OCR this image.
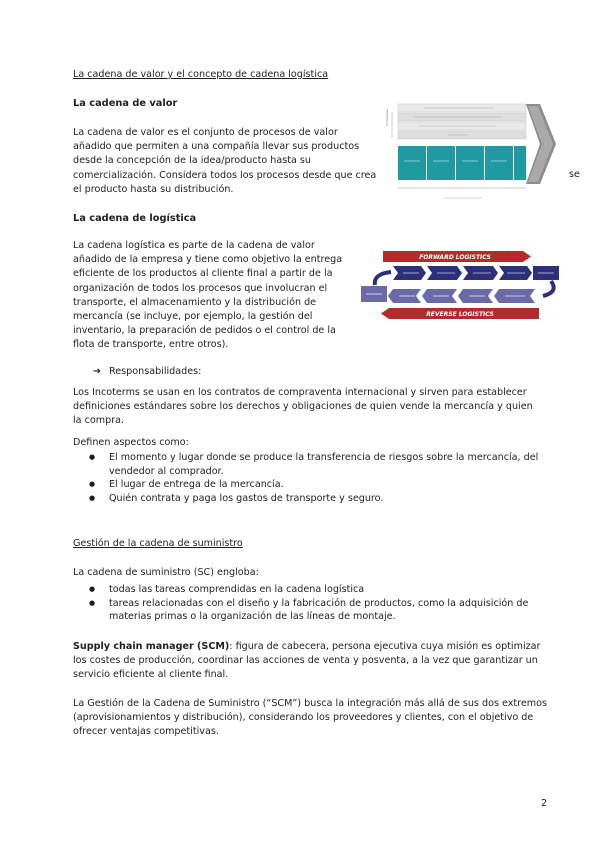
La cadena de valor y el concepto de cadena logística
La cadena de valor
La cadena de valor es el conjunto de procesos de valor añadido que permiten a una compañía llevar sus productos desde la concepción de la idea/producto hasta su comercialización. Considera todos los procesos desde que crea el producto hasta su distribución.
se
Actividades
La cadena de logística
La cadena logística es parte de la cadena de valor añadido de la empresa y tiene como objetivo la entrega eficiente de los productos al cliente final a partir de la organización de todos los procesos que involucran el transporte, el almacenamiento y la distribución de mercancía (se incluye, por ejemplo, la gestión del inventario, la preparación de pedidos o el control de la flota de transporte, entre otros).
FORWARD LOGISTICS
REVERSE LOGISTICS
➔ Responsabilidades:
Los Incoterms se usan en los contratos de compraventa internacional y sirven para establecer definiciones estándares sobre los derechos y obligaciones de quien vende la mercancía y quien la compra.
Definen aspectos como:
● El momento y lugar donde se produce la transferencia de riesgos sobre la mercancía, del vendedor al comprador.
● El lugar de entrega de la mercancía.
● Quién contrata y paga los gastos de transporte y seguro.
Gestión de la cadena de suministro
La cadena de suministro (SC) engloba:
● todas las tareas comprendidas en la cadena logística
● tareas relacionadas con el diseño y la fabricación de productos, como la adquisición de materias primas o la organización de las líneas de montaje.
Supply chain manager (SCM): figura de cabecera, persona ejecutiva cuya misión es optimizar los costes de producción, coordinar las acciones de venta y posventa, a la vez que garantizar un servicio eficiente al cliente final.
La Gestión de la Cadena de Suministro (“SCM”) busca la integración más allá de sus dos extremos (aprovisionamientos y distribución), considerando los proveedores y clientes, con el objetivo de ofrecer ventajas competitivas.
2
